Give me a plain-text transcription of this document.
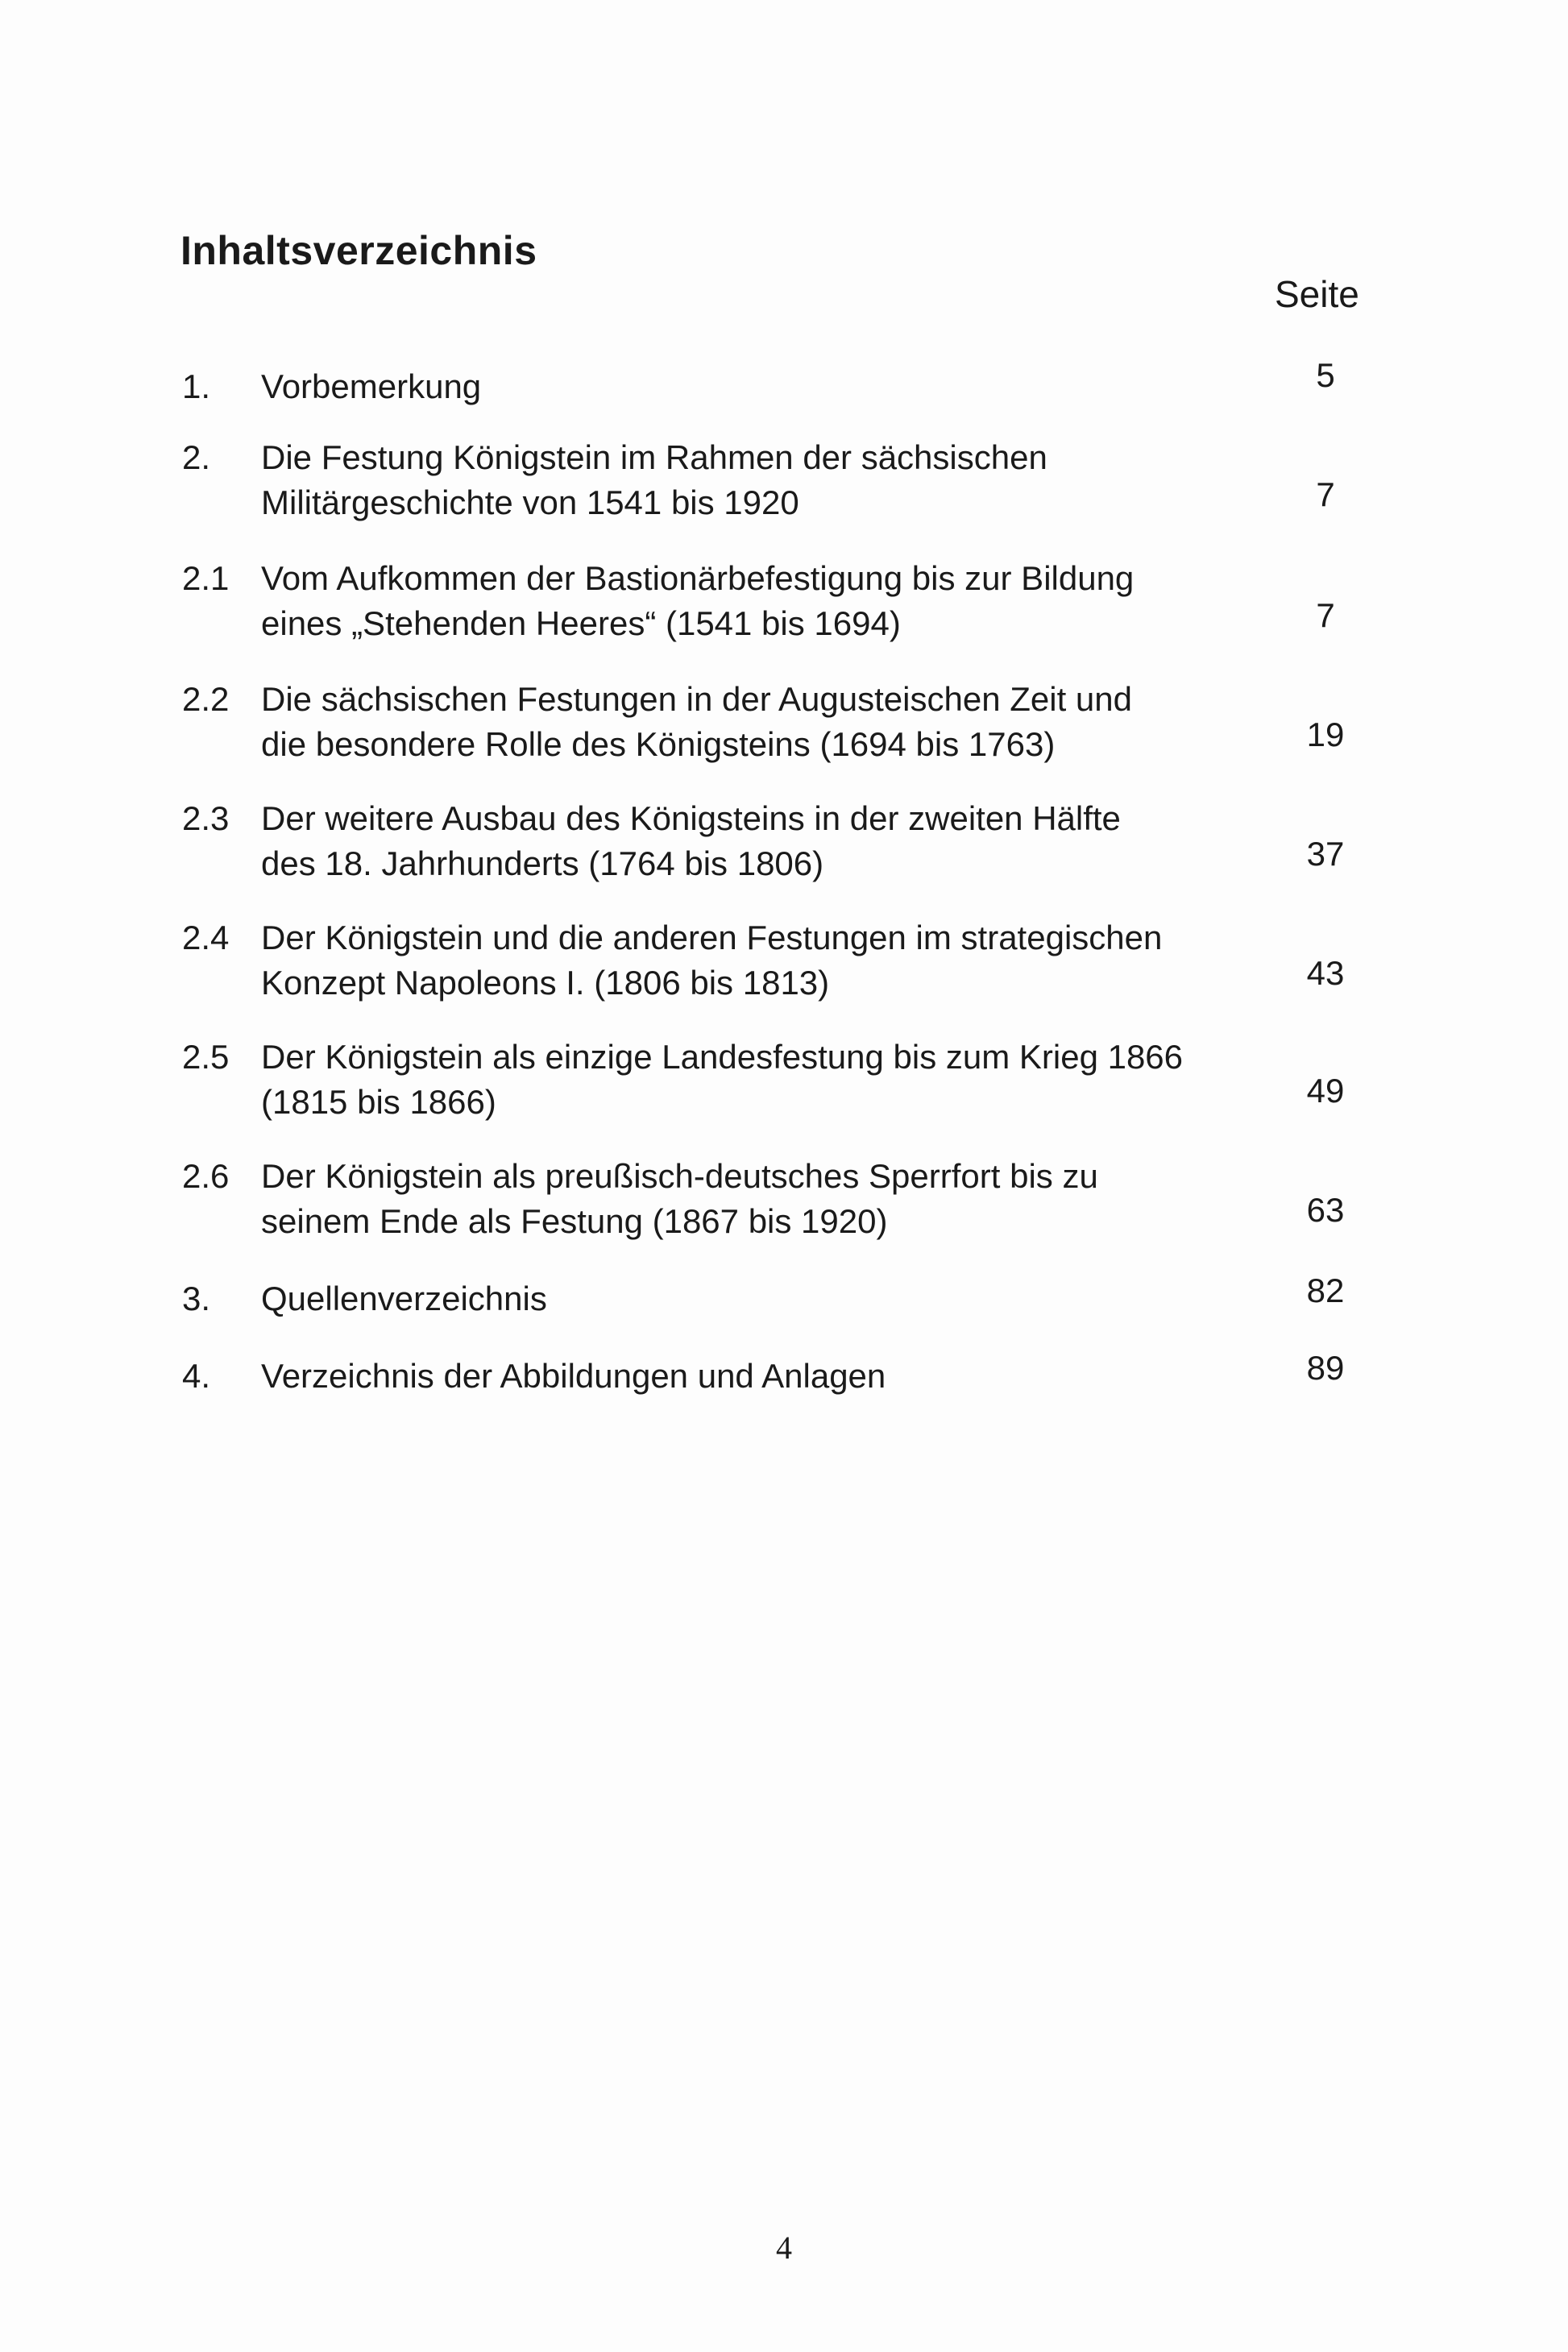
Inhaltsverzeichnis
Seite
1. Vorbemerkung	5
2. Die Festung Königstein im Rahmen der sächsischen
Militärgeschichte von 1541 bis 1920	7
2.1 Vom Aufkommen der Bastionärbefestigung bis zur Bildung
eines „Stehenden Heeres“ (1541 bis 1694)	7
2.2 Die sächsischen Festungen in der Augusteischen Zeit und
die besondere Rolle des Königsteins (1694 bis 1763)	19
2.3 Der weitere Ausbau des Königsteins in der zweiten Hälfte
des 18. Jahrhunderts (1764 bis 1806)	37
2.4 Der Königstein und die anderen Festungen im strategischen
Konzept Napoleons I. (1806 bis 1813)	43
2.5 Der Königstein als einzige Landesfestung bis zum Krieg 1866
(1815 bis 1866)	49
2.6 Der Königstein als preußisch-deutsches Sperrfort bis zu
seinem Ende als Festung (1867 bis 1920)	63
3. Quellenverzeichnis	82
4. Verzeichnis der Abbildungen und Anlagen	89
4
